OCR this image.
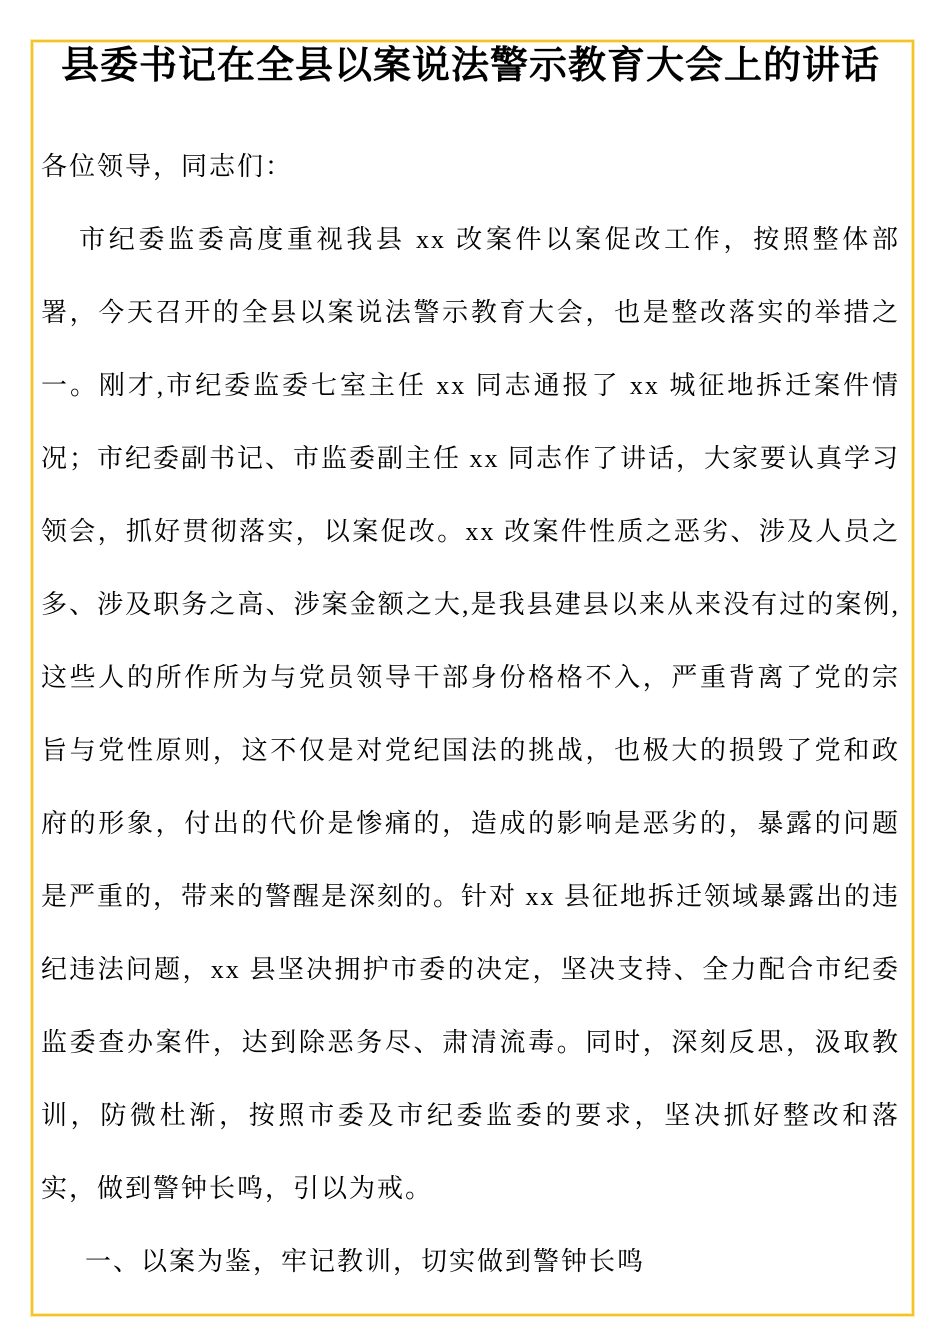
县委书记在全县以案说法警示教育大会上的讲话

各位领导，同志们：

市纪委监委高度重视我县 xx 改案件以案促改工作，按照整体部署，今天召开的全县以案说法警示教育大会，也是整改落实的举措之一。刚才,市纪委监委七室主任 xx 同志通报了 xx 城征地拆迁案件情况；市纪委副书记、市监委副主任 xx 同志作了讲话，大家要认真学习领会，抓好贯彻落实，以案促改。xx 改案件性质之恶劣、涉及人员之多、涉及职务之高、涉案金额之大,是我县建县以来从来没有过的案例,这些人的所作所为与党员领导干部身份格格不入，严重背离了党的宗旨与党性原则，这不仅是对党纪国法的挑战，也极大的损毁了党和政府的形象，付出的代价是惨痛的，造成的影响是恶劣的，暴露的问题是严重的，带来的警醒是深刻的。针对 xx 县征地拆迁领域暴露出的违纪违法问题，xx 县坚决拥护市委的决定，坚决支持、全力配合市纪委监委查办案件，达到除恶务尽、肃清流毒。同时，深刻反思，汲取教训，防微杜渐，按照市委及市纪委监委的要求，坚决抓好整改和落实，做到警钟长鸣，引以为戒。

一、以案为鉴，牢记教训，切实做到警钟长鸣
